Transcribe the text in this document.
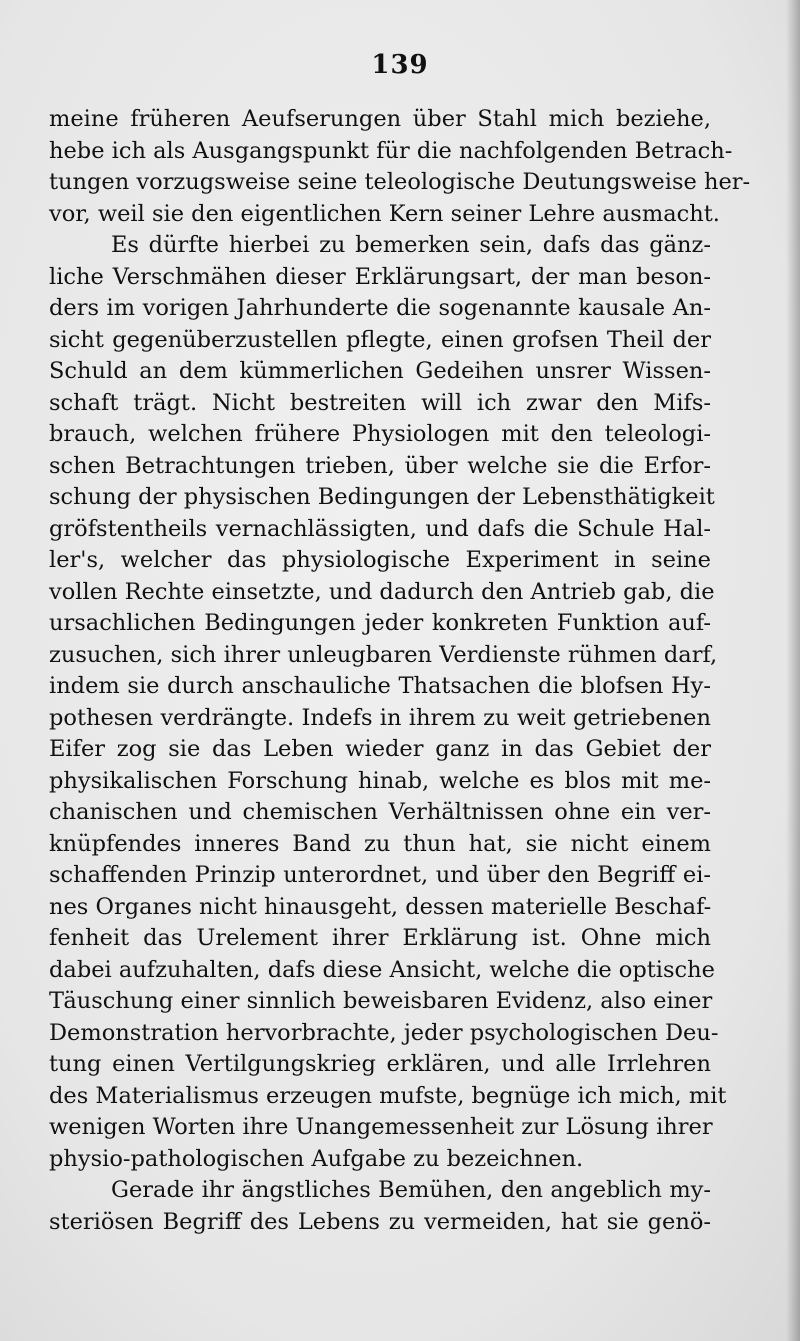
139
meine früheren Aeufserungen über Stahl mich beziehe,
hebe ich als Ausgangspunkt für die nachfolgenden Betrach-
tungen vorzugsweise seine teleologische Deutungsweise her-
vor, weil sie den eigentlichen Kern seiner Lehre ausmacht.
Es dürfte hierbei zu bemerken sein, dafs das gänz-
liche Verschmähen dieser Erklärungsart, der man beson-
ders im vorigen Jahrhunderte die sogenannte kausale An-
sicht gegenüberzustellen pflegte, einen grofsen Theil der
Schuld an dem kümmerlichen Gedeihen unsrer Wissen-
schaft trägt. Nicht bestreiten will ich zwar den Mifs-
brauch, welchen frühere Physiologen mit den teleologi-
schen Betrachtungen trieben, über welche sie die Erfor-
schung der physischen Bedingungen der Lebensthätigkeit
gröfstentheils vernachlässigten, und dafs die Schule Hal-
ler's, welcher das physiologische Experiment in seine
vollen Rechte einsetzte, und dadurch den Antrieb gab, die
ursachlichen Bedingungen jeder konkreten Funktion auf-
zusuchen, sich ihrer unleugbaren Verdienste rühmen darf,
indem sie durch anschauliche Thatsachen die blofsen Hy-
pothesen verdrängte. Indefs in ihrem zu weit getriebenen
Eifer zog sie das Leben wieder ganz in das Gebiet der
physikalischen Forschung hinab, welche es blos mit me-
chanischen und chemischen Verhältnissen ohne ein ver-
knüpfendes inneres Band zu thun hat, sie nicht einem
schaffenden Prinzip unterordnet, und über den Begriff ei-
nes Organes nicht hinausgeht, dessen materielle Beschaf-
fenheit das Urelement ihrer Erklärung ist. Ohne mich
dabei aufzuhalten, dafs diese Ansicht, welche die optische
Täuschung einer sinnlich beweisbaren Evidenz, also einer
Demonstration hervorbrachte, jeder psychologischen Deu-
tung einen Vertilgungskrieg erklären, und alle Irrlehren
des Materialismus erzeugen mufste, begnüge ich mich, mit
wenigen Worten ihre Unangemessenheit zur Lösung ihrer
physio-pathologischen Aufgabe zu bezeichnen.
Gerade ihr ängstliches Bemühen, den angeblich my-
steriösen Begriff des Lebens zu vermeiden, hat sie genö-
